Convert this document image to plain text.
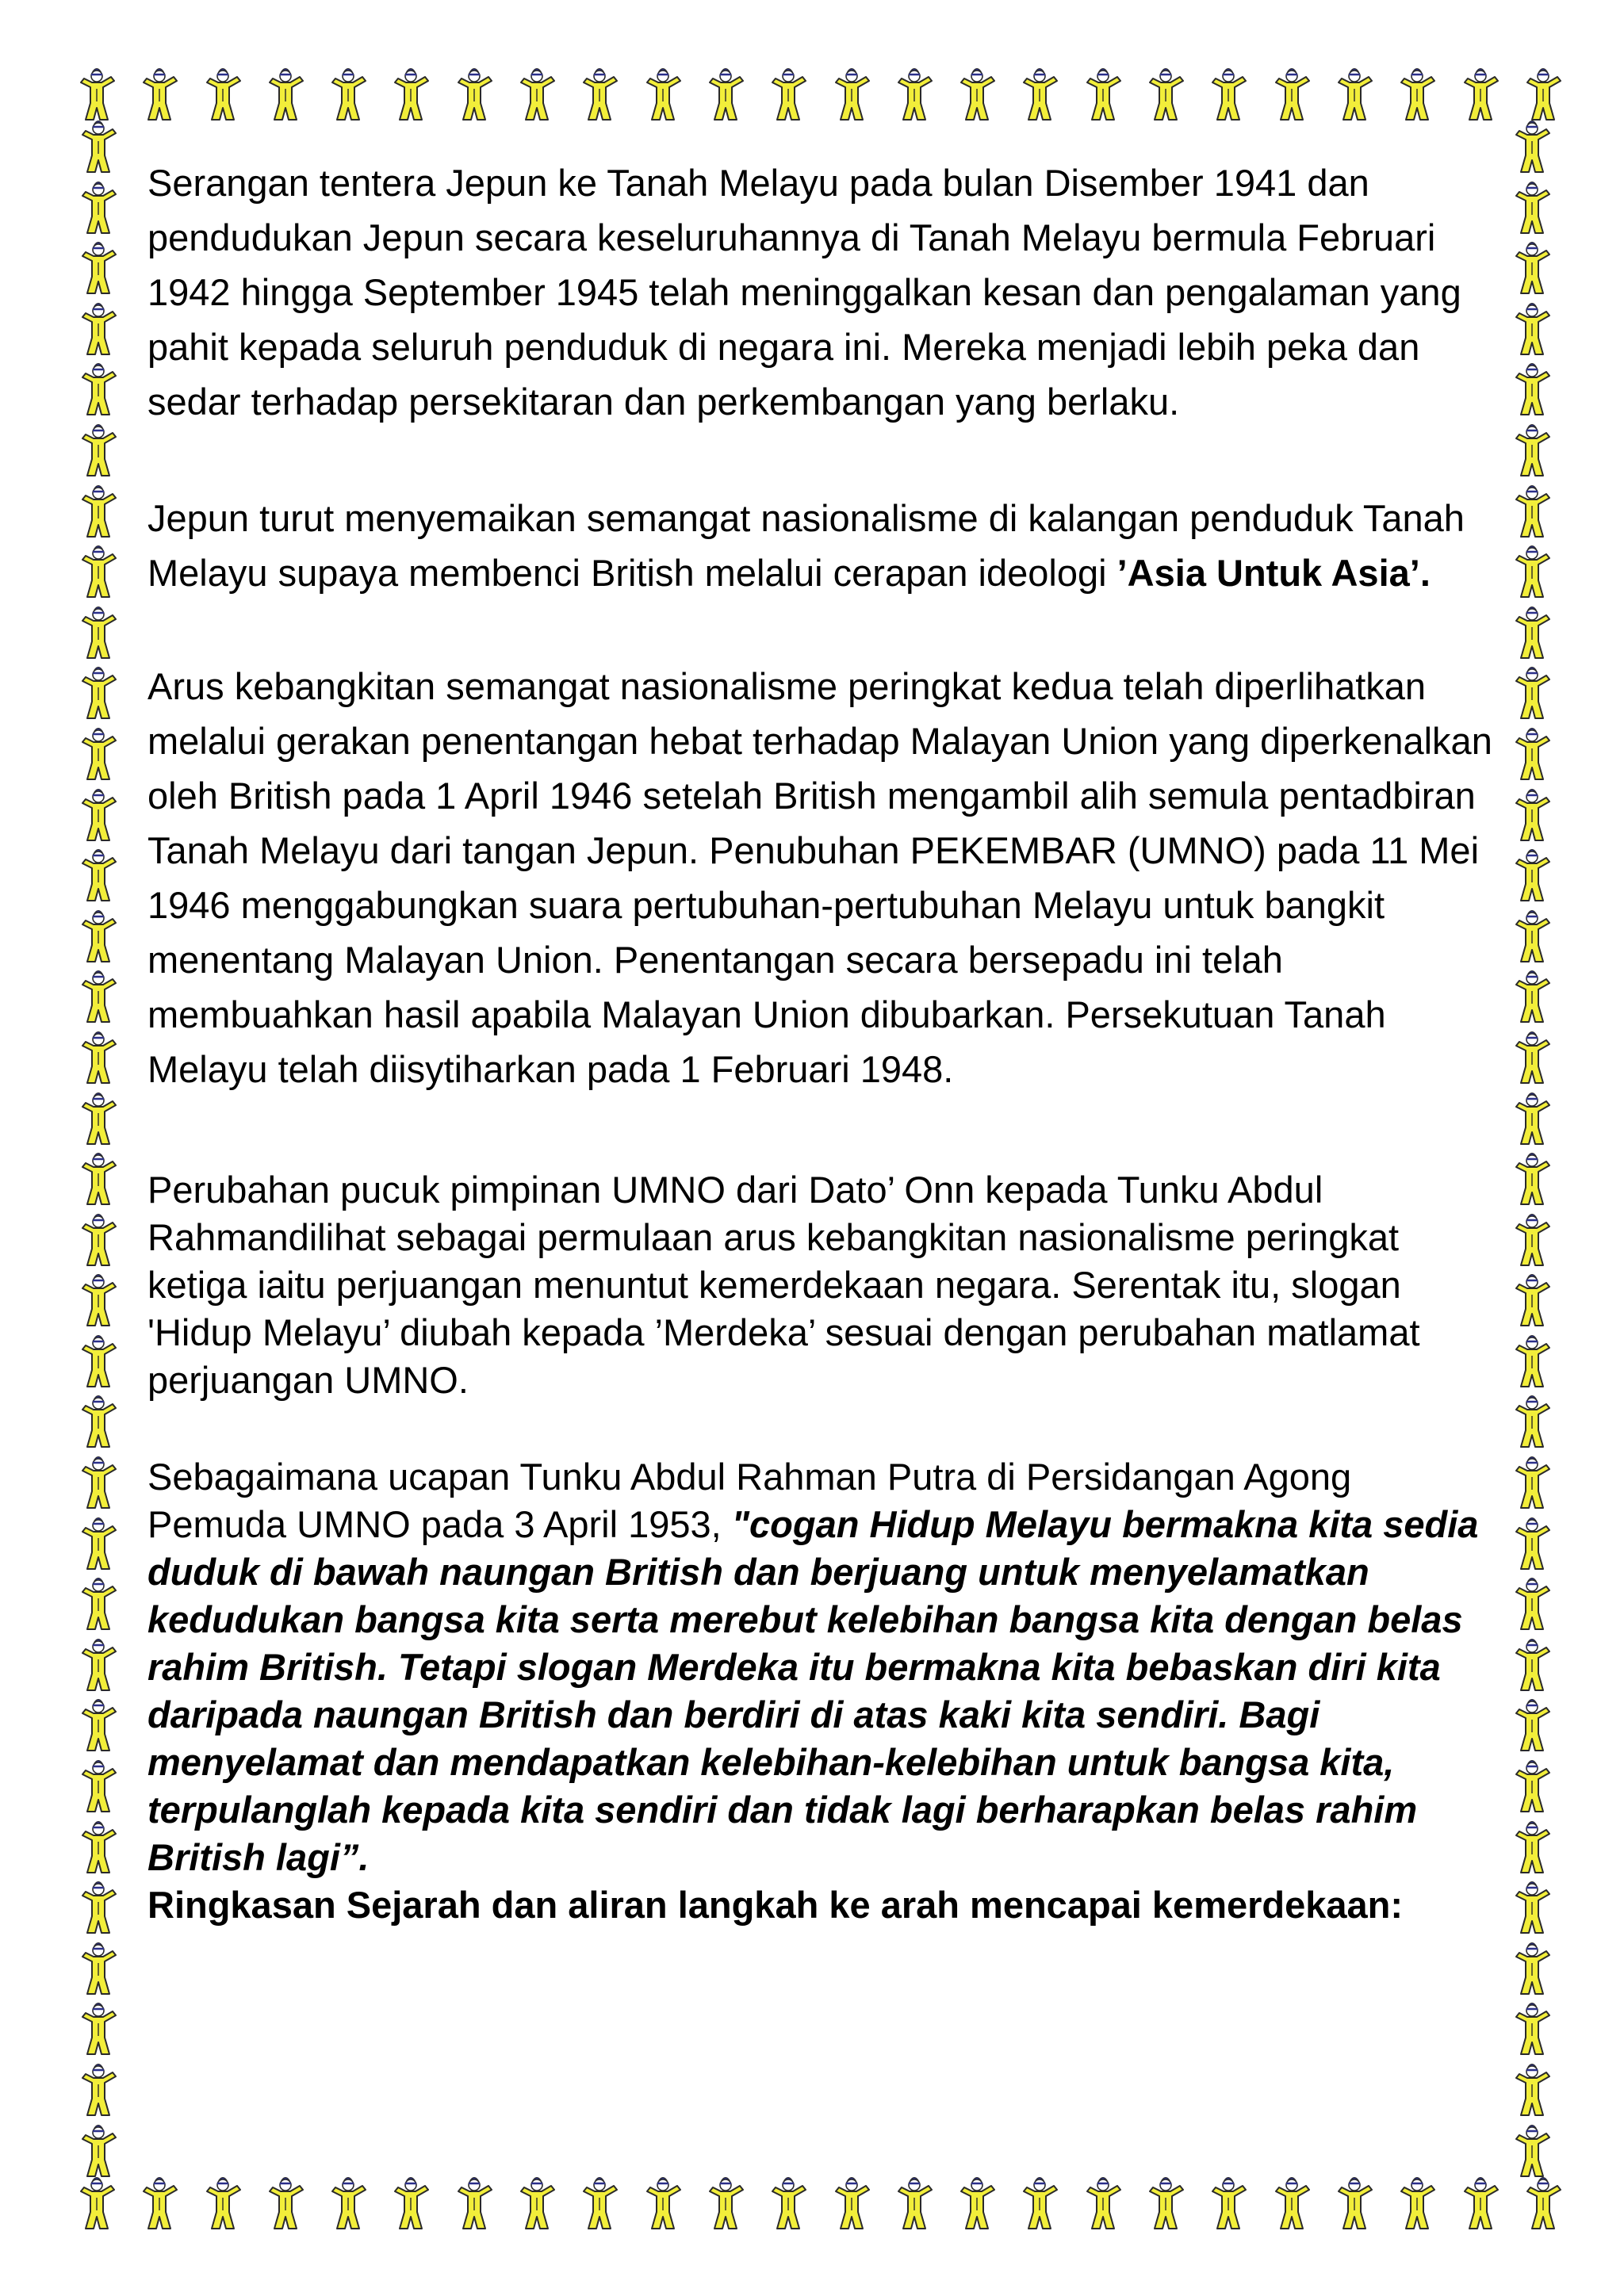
Serangan tentera Jepun ke Tanah Melayu pada bulan Disember 1941 dan pendudukan Jepun secara keseluruhannya di Tanah Melayu bermula Februari 1942 hingga September 1945 telah meninggalkan kesan dan pengalaman yang pahit kepada seluruh penduduk di negara ini. Mereka menjadi lebih peka dan sedar terhadap persekitaran dan perkembangan yang berlaku.

Jepun turut menyemaikan semangat nasionalisme di kalangan penduduk Tanah Melayu supaya membenci British melalui cerapan ideologi ’Asia Untuk Asia’.

Arus kebangkitan semangat nasionalisme peringkat kedua telah diperlihatkan melalui gerakan penentangan hebat terhadap Malayan Union yang diperkenalkan oleh British pada 1 April 1946 setelah British mengambil alih semula pentadbiran Tanah Melayu dari tangan Jepun. Penubuhan PEKEMBAR (UMNO) pada 11 Mei 1946 menggabungkan suara pertubuhan-pertubuhan Melayu untuk bangkit menentang Malayan Union. Penentangan secara bersepadu ini telah membuahkan hasil apabila Malayan Union dibubarkan. Persekutuan Tanah Melayu telah diisytiharkan pada 1 Februari 1948.

Perubahan pucuk pimpinan UMNO dari Dato’ Onn kepada Tunku Abdul Rahmandilihat sebagai permulaan arus kebangkitan nasionalisme peringkat ketiga iaitu perjuangan menuntut kemerdekaan negara. Serentak itu, slogan 'Hidup Melayu’ diubah kepada ’Merdeka’ sesuai dengan perubahan matlamat perjuangan UMNO.

Sebagaimana ucapan Tunku Abdul Rahman Putra di Persidangan Agong Pemuda UMNO pada 3 April 1953, "cogan Hidup Melayu bermakna kita sedia duduk di bawah naungan British dan berjuang untuk menyelamatkan kedudukan bangsa kita serta merebut kelebihan bangsa kita dengan belas rahim British. Tetapi slogan Merdeka itu bermakna kita bebaskan diri kita daripada naungan British dan berdiri di atas kaki kita sendiri. Bagi menyelamat dan mendapatkan kelebihan-kelebihan untuk bangsa kita, terpulanglah kepada kita sendiri dan tidak lagi berharapkan belas rahim British lagi”.

Ringkasan Sejarah dan aliran langkah ke arah mencapai kemerdekaan:
